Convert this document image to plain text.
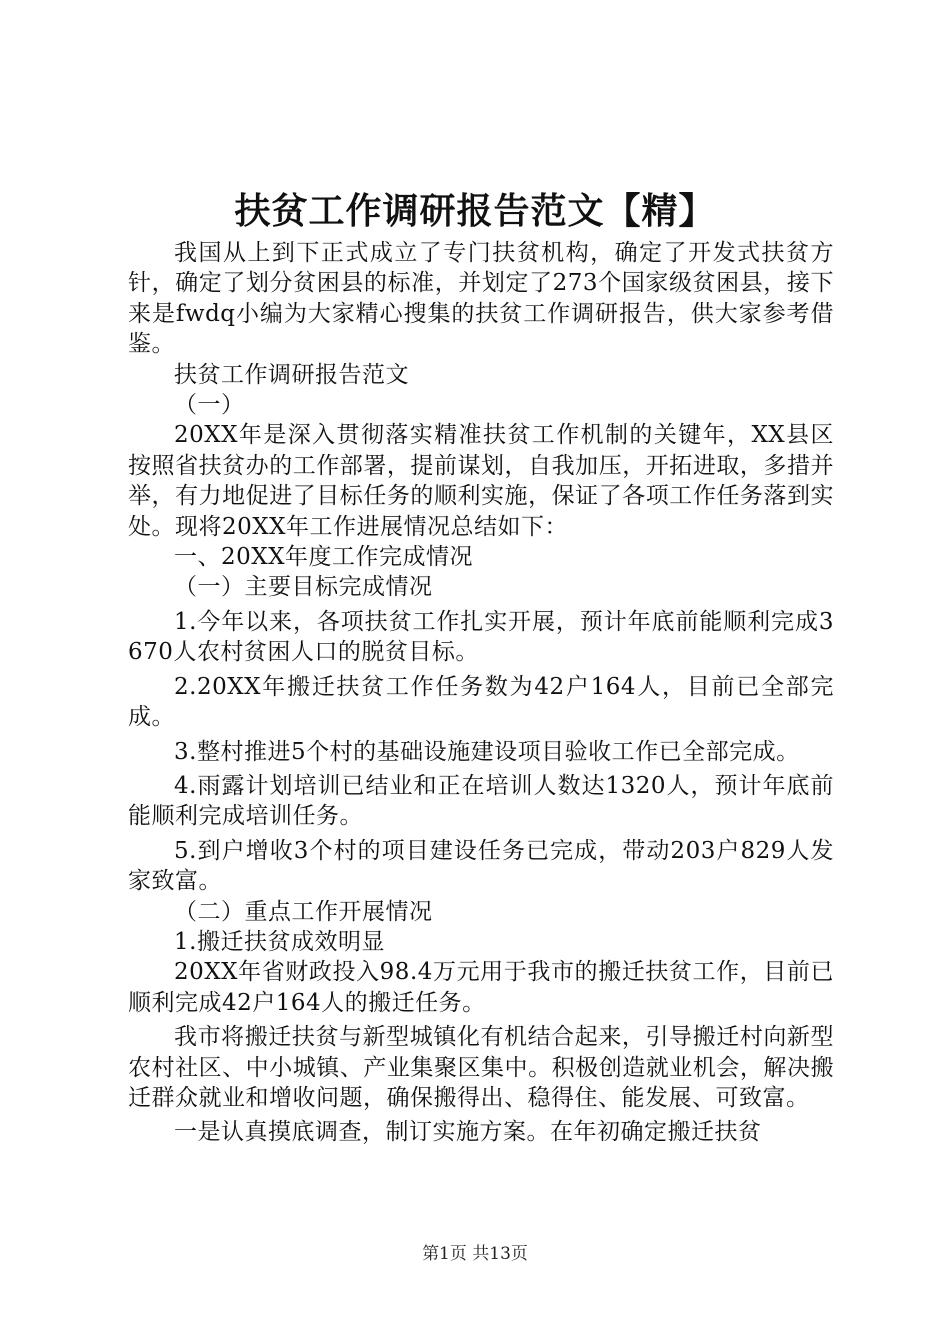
扶贫工作调研报告范文【精】

我国从上到下正式成立了专门扶贫机构，确定了开发式扶贫方针，确定了划分贫困县的标准，并划定了273个国家级贫困县，接下来是fwdq小编为大家精心搜集的扶贫工作调研报告，供大家参考借鉴。

扶贫工作调研报告范文

（一）

20XX年是深入贯彻落实精准扶贫工作机制的关键年，XX县区按照省扶贫办的工作部署，提前谋划，自我加压，开拓进取，多措并举，有力地促进了目标任务的顺利实施，保证了各项工作任务落到实处。现将20XX年工作进展情况总结如下：

一、20XX年度工作完成情况

（一）主要目标完成情况

1.今年以来，各项扶贫工作扎实开展，预计年底前能顺利完成3670人农村贫困人口的脱贫目标。

2.20XX年搬迁扶贫工作任务数为42户164人，目前已全部完成。

3.整村推进5个村的基础设施建设项目验收工作已全部完成。

4.雨露计划培训已结业和正在培训人数达1320人，预计年底前能顺利完成培训任务。

5.到户增收3个村的项目建设任务已完成，带动203户829人发家致富。

（二）重点工作开展情况

1.搬迁扶贫成效明显

20XX年省财政投入98.4万元用于我市的搬迁扶贫工作，目前已顺利完成42户164人的搬迁任务。

我市将搬迁扶贫与新型城镇化有机结合起来，引导搬迁村向新型农村社区、中小城镇、产业集聚区集中。积极创造就业机会，解决搬迁群众就业和增收问题，确保搬得出、稳得住、能发展、可致富。

一是认真摸底调查，制订实施方案。在年初确定搬迁扶贫

第1页 共13页
